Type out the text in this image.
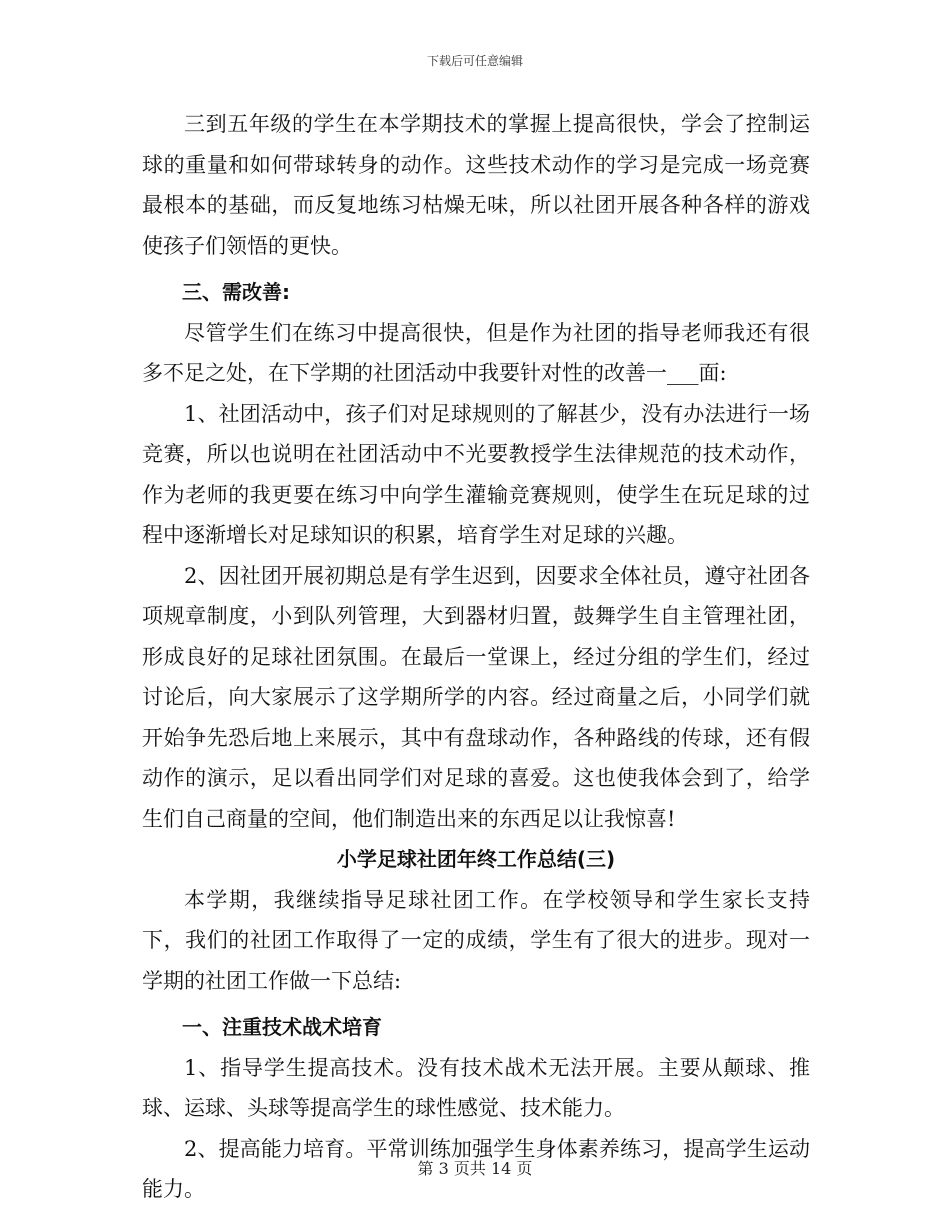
下载后可任意编辑

三到五年级的学生在本学期技术的掌握上提高很快，学会了控制运球的重量和如何带球转身的动作。这些技术动作的学习是完成一场竞赛最根本的基础，而反复地练习枯燥无味，所以社团开展各种各样的游戏使孩子们领悟的更快。

三、需改善:

尽管学生们在练习中提高很快，但是作为社团的指导老师我还有很多不足之处，在下学期的社团活动中我要针对性的改善一___面:

1、社团活动中，孩子们对足球规则的了解甚少，没有办法进行一场竞赛，所以也说明在社团活动中不光要教授学生法律规范的技术动作，作为老师的我更要在练习中向学生灌输竞赛规则，使学生在玩足球的过程中逐渐增长对足球知识的积累，培育学生对足球的兴趣。

2、因社团开展初期总是有学生迟到，因要求全体社员，遵守社团各项规章制度，小到队列管理，大到器材归置，鼓舞学生自主管理社团，形成良好的足球社团氛围。在最后一堂课上，经过分组的学生们，经过讨论后，向大家展示了这学期所学的内容。经过商量之后，小同学们就开始争先恐后地上来展示，其中有盘球动作，各种路线的传球，还有假动作的演示，足以看出同学们对足球的喜爱。这也使我体会到了，给学生们自己商量的空间，他们制造出来的东西足以让我惊喜!

小学足球社团年终工作总结(三)

本学期，我继续指导足球社团工作。在学校领导和学生家长支持下，我们的社团工作取得了一定的成绩，学生有了很大的进步。现对一学期的社团工作做一下总结:

一、注重技术战术培育

1、指导学生提高技术。没有技术战术无法开展。主要从颠球、推球、运球、头球等提高学生的球性感觉、技术能力。

2、提高能力培育。平常训练加强学生身体素养练习，提高学生运动能力。

第 3 页共 14 页
